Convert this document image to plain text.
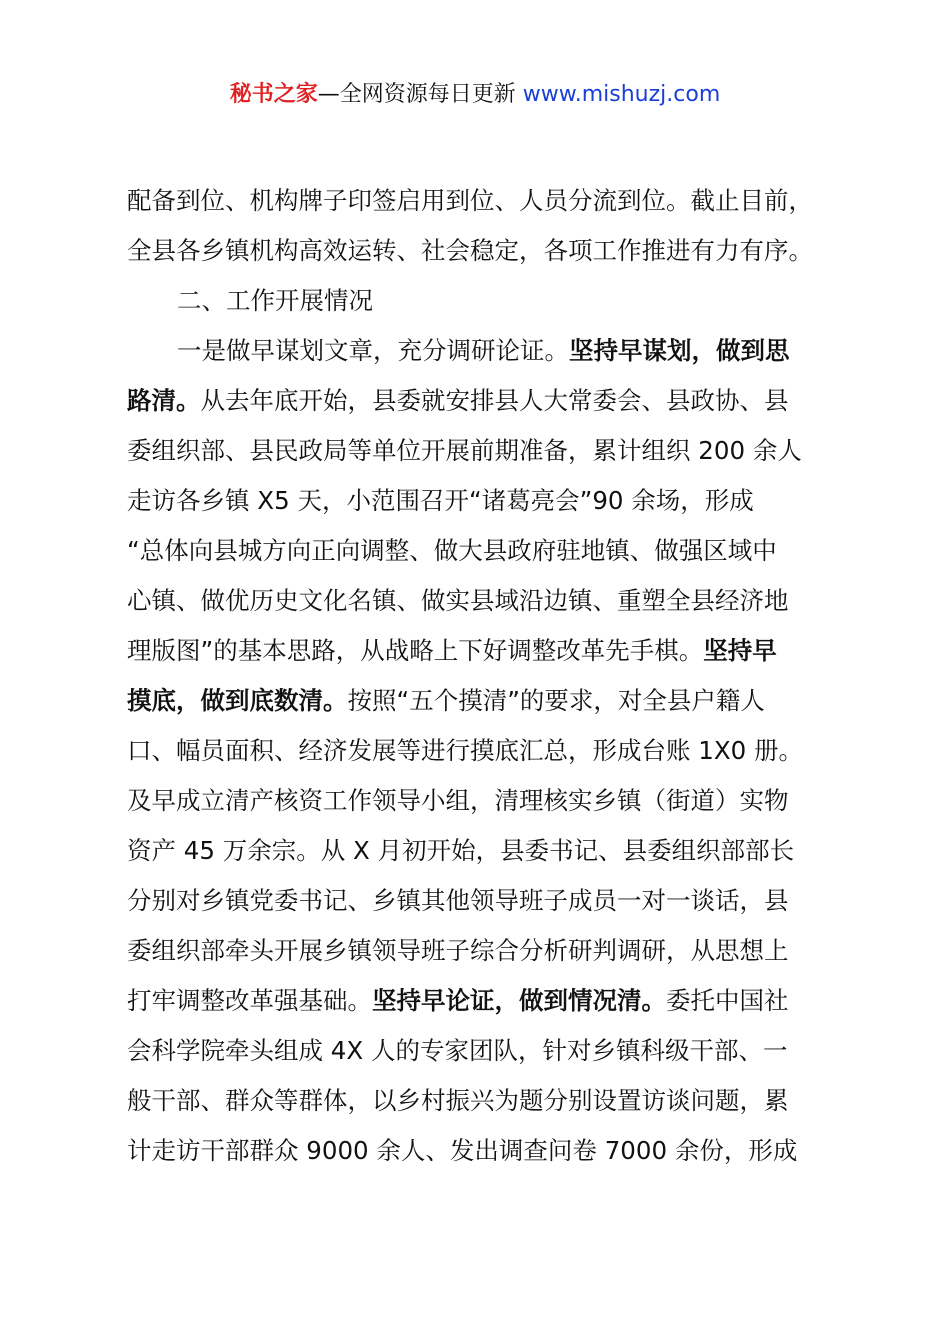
秘书之家—全网资源每日更新 www.mishuzj.com
配备到位、机构牌子印签启用到位、人员分流到位。截止目前，
全县各乡镇机构高效运转、社会稳定，各项工作推进有力有序。
二、工作开展情况
一是做早谋划文章，充分调研论证。坚持早谋划，做到思
路清。从去年底开始，县委就安排县人大常委会、县政协、县
委组织部、县民政局等单位开展前期准备，累计组织 200 余人
走访各乡镇 X5 天，小范围召开“诸葛亮会”90 余场，形成
“总体向县城方向正向调整、做大县政府驻地镇、做强区域中
心镇、做优历史文化名镇、做实县域沿边镇、重塑全县经济地
理版图”的基本思路，从战略上下好调整改革先手棋。坚持早
摸底，做到底数清。按照“五个摸清”的要求，对全县户籍人
口、幅员面积、经济发展等进行摸底汇总，形成台账 1X0 册。
及早成立清产核资工作领导小组，清理核实乡镇（街道）实物
资产 45 万余宗。从 X 月初开始，县委书记、县委组织部部长
分别对乡镇党委书记、乡镇其他领导班子成员一对一谈话，县
委组织部牵头开展乡镇领导班子综合分析研判调研，从思想上
打牢调整改革强基础。坚持早论证，做到情况清。委托中国社
会科学院牵头组成 4X 人的专家团队，针对乡镇科级干部、一
般干部、群众等群体，以乡村振兴为题分别设置访谈问题，累
计走访干部群众 9000 余人、发出调查问卷 7000 余份，形成
